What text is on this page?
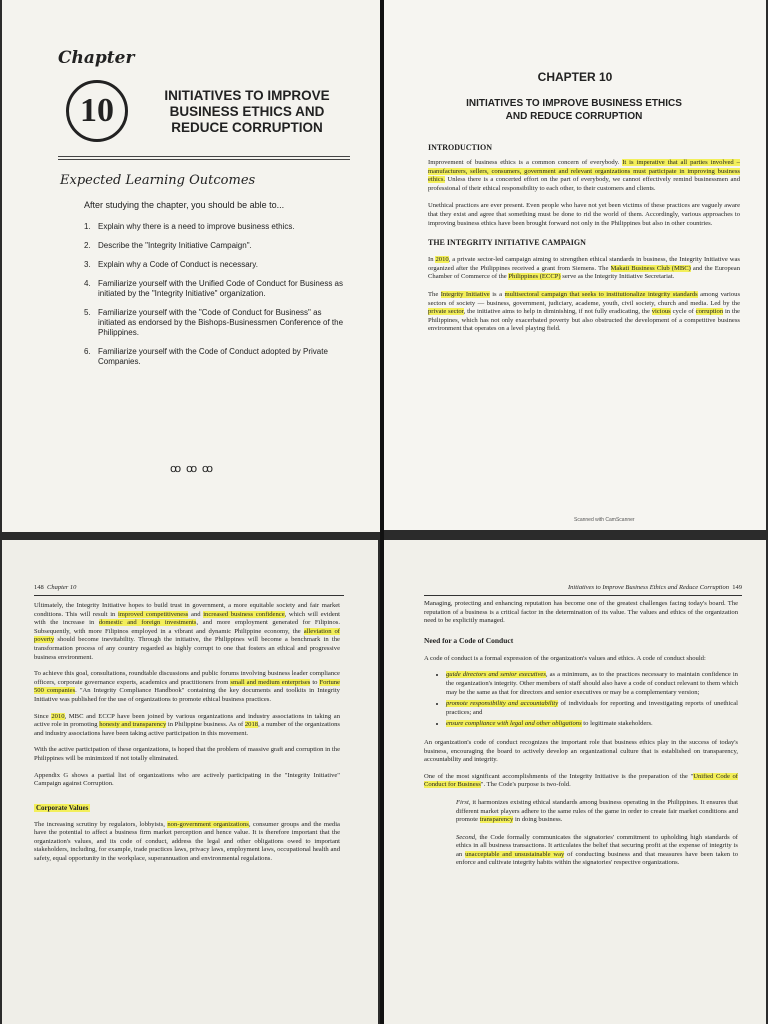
Chapter
10	INITIATIVES TO IMPROVE
BUSINESS ETHICS AND
REDUCE CORRUPTION
Expected Learning Outcomes
After studying the chapter, you should be able to...
1. Explain why there is a need to improve business ethics.
2. Describe the "Integrity Initiative Campaign".
3. Explain why a Code of Conduct is necessary.
4. Familiarize yourself with the Unified Code of Conduct for Business as initiated by the "Integrity Initiative" organization.
5. Familiarize yourself with the "Code of Conduct for Business" as initiated as endorsed by the Bishops-Businessmen Conference of the Philippines.
6. Familiarize yourself with the Code of Conduct adopted by Private Companies.
ꝏ ꝏ ꝏ
CHAPTER 10
INITIATIVES TO IMPROVE BUSINESS ETHICS
AND REDUCE CORRUPTION

INTRODUCTION

Improvement of business ethics is a common concern of everybody. It is imperative that all parties involved – manufacturers, sellers, consumers, government and relevant organizations must participate in improving business ethics. Unless there is a concerted effort on the part of everybody, we cannot effectively remind businessmen and professional of their ethical responsibility to each other, to their customers and clients.

Unethical practices are ever present. Even people who have not yet been victims of these practices are vaguely aware that they exist and agree that something must be done to rid the world of them. Accordingly, various approaches to improving business ethics have been brought forward not only in the Philippines but also in other countries.

THE INTEGRITY INITIATIVE CAMPAIGN

In 2010, a private sector-led campaign aiming to strengthen ethical standards in business, the Integrity Initiative was organized after the Philippines received a grant from Siemens. The Makati Business Club (MBC) and the European Chamber of Commerce of the Philippines (ECCP) serve as the Integrity Initiative Secretariat.

The Integrity Initiative is a multisectoral campaign that seeks to institutionalize integrity standards among various sectors of society — business, government, judiciary, academe, youth, civil society, church and media. Led by the private sector, the initiative aims to help in diminishing, if not fully eradicating, the vicious cycle of corruption in the Philippines, which has not only exacerbated poverty but also obstructed the development of a competitive business environment that operates on a level playing field.

Scanned with CamScanner
148 Chapter 10

Ultimately, the Integrity Initiative hopes to build trust in government, a more equitable society and fair market conditions. This will result in improved competitiveness and increased business confidence, which will evident with the increase in domestic and foreign investments, and more employment generated for Filipinos. Subsequently, with more Filipinos employed in a vibrant and dynamic Philippine economy, the alleviation of poverty should become inevitability. Through the initiative, the Philippines will become a benchmark in the transformation process of any country regarded as highly corrupt to one that fosters an ethical and progressive business environment.

To achieve this goal, consultations, roundtable discussions and public forums involving business leader compliance officers, corporate governance experts, academics and practitioners from small and medium enterprises to Fortune 500 companies. "An Integrity Compliance Handbook" containing the key documents and toolkits in Integrity Initiative was published for the use of organizations to promote ethical business practices.

Since 2010, MBC and ECCP have been joined by various organizations and industry associations in taking an active role in promoting honesty and transparency in Philippine business. As of 2018, a number of the organizations and industry associations have been taking active participation in this movement.

With the active participation of these organizations, is hoped that the problem of massive graft and corruption in the Philippines will be minimized if not totally eliminated.

Appendix G shows a partial list of organizations who are actively participating in the "Integrity Initiative" Campaign against Corruption.

Corporate Values

The increasing scrutiny by regulators, lobbyists, non-government organizations, consumer groups and the media have the potential to affect a business firm market perception and hence value. It is therefore important that the organization's values, and its code of conduct, address the legal and other obligations owed to important stakeholders, including, for example, trade practices laws, privacy laws, employment laws, occupational health and safety, equal opportunity in the workplace, superannuation and environmental regulations.

Initiatives to Improve Business Ethics and Reduce Corruption 149

Managing, protecting and enhancing reputation has become one of the greatest challenges facing today's board. The reputation of a business is a critical factor in the determination of its value. The values and ethics of the organization need to be explicitly managed.

Need for a Code of Conduct

A code of conduct is a formal expression of the organization's values and ethics. A code of conduct should:

• guide directors and senior executives, as a minimum, as to the practices necessary to maintain confidence in the organization's integrity. Other members of staff should also have a code of conduct relevant to them which may be the same as that for directors and senior executives or may be a complementary version;
• promote responsibility and accountability of individuals for reporting and investigating reports of unethical practices; and
• ensure compliance with legal and other obligations to legitimate stakeholders.

An organization's code of conduct recognizes the important role that business ethics play in the success of today's business, encouraging the board to actively develop an organizational culture that is established on transparency, accountability and integrity.

One of the most significant accomplishments of the Integrity Initiative is the preparation of the "Unified Code of Conduct for Business". The Code's purpose is two-fold.

First, it harmonizes existing ethical standards among business operating in the Philippines. It ensures that different market players adhere to the same rules of the game in order to create fair market conditions and promote transparency in doing business.

Second, the Code formally communicates the signatories' commitment to upholding high standards of ethics in all business transactions. It articulates the belief that securing profit at the expense of integrity is an unacceptable and unsustainable way of conducting business and that measures have been taken to enforce and cultivate integrity habits within the signatories' respective organizations.
